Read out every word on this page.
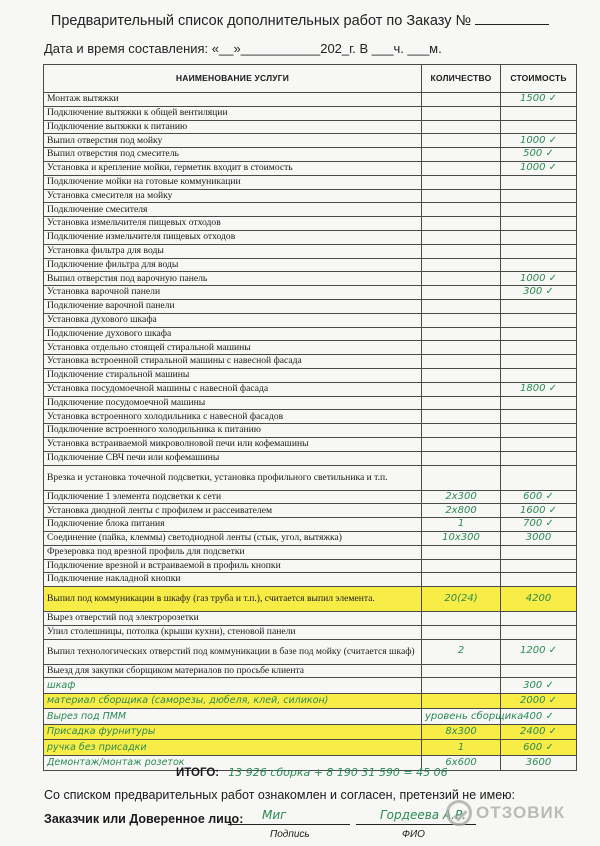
Предварительный список дополнительных работ по Заказу №
Дата и время составления: «__»___________202_г. В ___ч. ___м.
НАИМЕНОВАНИЕ УСЛУГИ	КОЛИЧЕСТВО	СТОИМОСТЬ
Монтаж вытяжки		1500 ✓
Подключение вытяжки к общей вентиляции		
Подключение вытяжки к питанию		
Выпил отверстия под мойку		1000 ✓
Выпил отверстия под смеситель		500 ✓
Установка и крепление мойки, герметик входит в стоимость		1000 ✓
Подключение мойки на готовые коммуникации		
Установка смесителя на мойку		
Подключение смесителя		
Установка измельчителя пищевых отходов		
Подключение измельчителя пищевых отходов		
Установка фильтра для воды		
Подключение фильтра для воды		
Выпил отверстия под варочную панель		1000 ✓
Установка варочной панели		300 ✓
Подключение варочной панели		
Установка духового шкафа		
Подключение духового шкафа		
Установка отдельно стоящей стиральной машины		
Установка встроенной стиральной машины с навесной фасада		
Подключение стиральной машины		
Установка посудомоечной машины с навесной фасада		1800 ✓
Подключение посудомоечной машины		
Установка встроенного холодильника с навесной фасадов		
Подключение встроенного холодильника к питанию		
Установка встраиваемой микроволновой печи или кофемашины		
Подключение СВЧ печи или кофемашины		
Врезка и установка точечной подсветки, установка профильного светильника и т.п.		
Подключение 1 элемента подсветки к сети	2х300	600 ✓
Установка диодной ленты с профилем и рассеивателем	2х800	1600 ✓
Подключение блока питания	1	700 ✓
Соединение (пайка, клеммы) светодиодной ленты (стык, угол, вытяжка)	10х300	3000
Фрезеровка под врезной профиль для подсветки		
Подключение врезной и встраиваемой в профиль кнопки		
Подключение накладной кнопки		
Выпил под коммуникации в шкафу (газ труба и т.п.), считается выпил элемента.	20(24)	4200
Вырез отверстий под электророзетки		
Упил столешницы, потолка (крыши кухни), стеновой панели		
Выпил технологических отверстий под коммуникации в базе под мойку (считается шкаф)	2	1200 ✓
Выезд для закупки сборщиком материалов по просьбе клиента		
шкаф		300 ✓
материал сборщика (саморезы, дюбеля, клей, силикон)		2000 ✓
Вырез под ПММ	уровень сборщика	400 ✓
Присадка фурнитуры	8х300	2400 ✓
ручка без присадки	1	600 ✓
Демонтаж/монтаж розеток	6х600	3600
ИТОГО: 13 926 сборка + 8 190 31 590 = 45 06
Со списком предварительных работ ознакомлен и согласен, претензий не имею:
Заказчик или Доверенное лицо: Миг	Гордеева А.Р.
Подпись	ФИО
ОТЗОВИК
